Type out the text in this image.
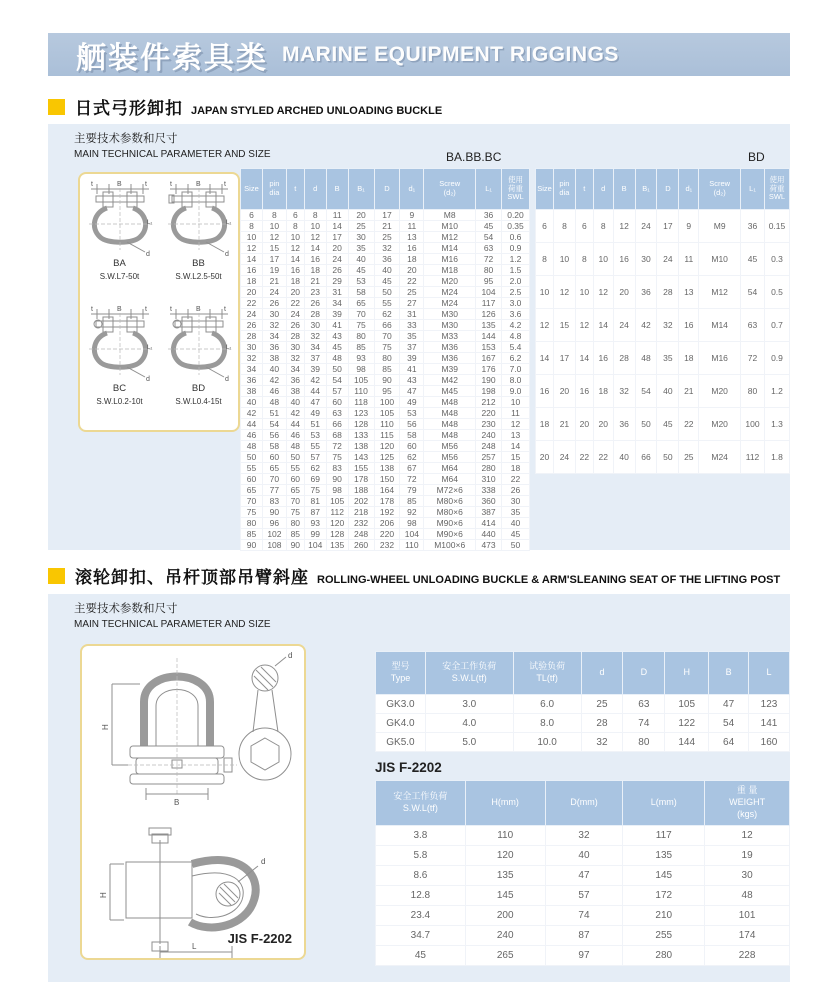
舾装件索具类 MARINE EQUIPMENT RIGGINGS
日式弓形卸扣 JAPAN STYLED ARCHED UNLOADING BUCKLE
主要技术参数和尺寸
MAIN TECHNICAL PARAMETER AND SIZE	BA.BB.BC	BD
t	B	t
d
L₁
BA
S.W.L7-50t
t	B	t
d
L₁
BB
S.W.L2.5-50t
t	B	t
d
L₁
BC
S.W.L0.2-10t
t	B	t
d
L₁
BD
S.W.L0.4-15t
Size	pin
dia	t	d	B	B₁	D	d₁	Screw
(d₂)	L₁	使用
荷重
SWL
6	8	6	8	11	20	17	9	M8	36	0.20
8	10	8	10	14	25	21	11	M10	45	0.35
10	12	10	12	17	30	25	13	M12	54	0.6
12	15	12	14	20	35	32	16	M14	63	0.9
14	17	14	16	24	40	36	18	M16	72	1.2
16	19	16	18	26	45	40	20	M18	80	1.5
18	21	18	21	29	53	45	22	M20	95	2.0
20	24	20	23	31	58	50	25	M24	104	2.5
22	26	22	26	34	65	55	27	M24	117	3.0
24	30	24	28	39	70	62	31	M30	126	3.6
26	32	26	30	41	75	66	33	M30	135	4.2
28	34	28	32	43	80	70	35	M33	144	4.8
30	36	30	34	45	85	75	37	M36	153	5.4
32	38	32	37	48	93	80	39	M36	167	6.2
34	40	34	39	50	98	85	41	M39	176	7.0
36	42	36	42	54	105	90	43	M42	190	8.0
38	46	38	44	57	110	95	47	M45	198	9.0
40	48	40	47	60	118	100	49	M48	212	10
42	51	42	49	63	123	105	53	M48	220	11
44	54	44	51	66	128	110	56	M48	230	12
46	56	46	53	68	133	115	58	M48	240	13
48	58	48	55	72	138	120	60	M56	248	14
50	60	50	57	75	143	125	62	M56	257	15
55	65	55	62	83	155	138	67	M64	280	18
60	70	60	69	90	178	150	72	M64	310	22
65	77	65	75	98	188	164	79	M72×6	338	26
70	83	70	81	105	202	178	85	M80×6	360	30
75	90	75	87	112	218	192	92	M80×6	387	35
80	96	80	93	120	232	206	98	M90×6	414	40
85	102	85	99	128	248	220	104	M90×6	440	45
90	108	90	104	135	260	232	110	M100×6	473	50
Size	pin
dia	t	d	B	B₁	D	d₁	Screw
(d₂)	L₁	使用
荷重
SWL
6	8	6	8	12	24	17	9	M9	36	0.15
8	10	8	10	16	30	24	11	M10	45	0.3
10	12	10	12	20	36	28	13	M12	54	0.5
12	15	12	14	24	42	32	16	M14	63	0.7
14	17	14	16	28	48	35	18	M16	72	0.9
16	20	16	18	32	54	40	21	M20	80	1.2
18	21	20	20	36	50	45	22	M20	100	1.3
20	24	22	22	40	66	50	25	M24	112	1.8
滚轮卸扣、吊杆顶部吊臂斜座 ROLLING-WHEEL UNLOADING BUCKLE & ARM'SLEANING SEAT OF THE LIFTING POST
主要技术参数和尺寸
MAIN TECHNICAL PARAMETER AND SIZE
H
B
d
H
L
d
JIS F-2202
型号
Type	安全工作负荷
S.W.L(tf)	试验负荷
TL(tf)	d	D	H	B	L
GK3.0	3.0	6.0	25	63	105	47	123
GK4.0	4.0	8.0	28	74	122	54	141
GK5.0	5.0	10.0	32	80	144	64	160
JIS F-2202
安全工作负荷
S.W.L(tf)	H(mm)	D(mm)	L(mm)	重 量
WEIGHT
(kgs)
3.8	110	32	117	12
5.8	120	40	135	19
8.6	135	47	145	30
12.8	145	57	172	48
23.4	200	74	210	101
34.7	240	87	255	174
45	265	97	280	228
